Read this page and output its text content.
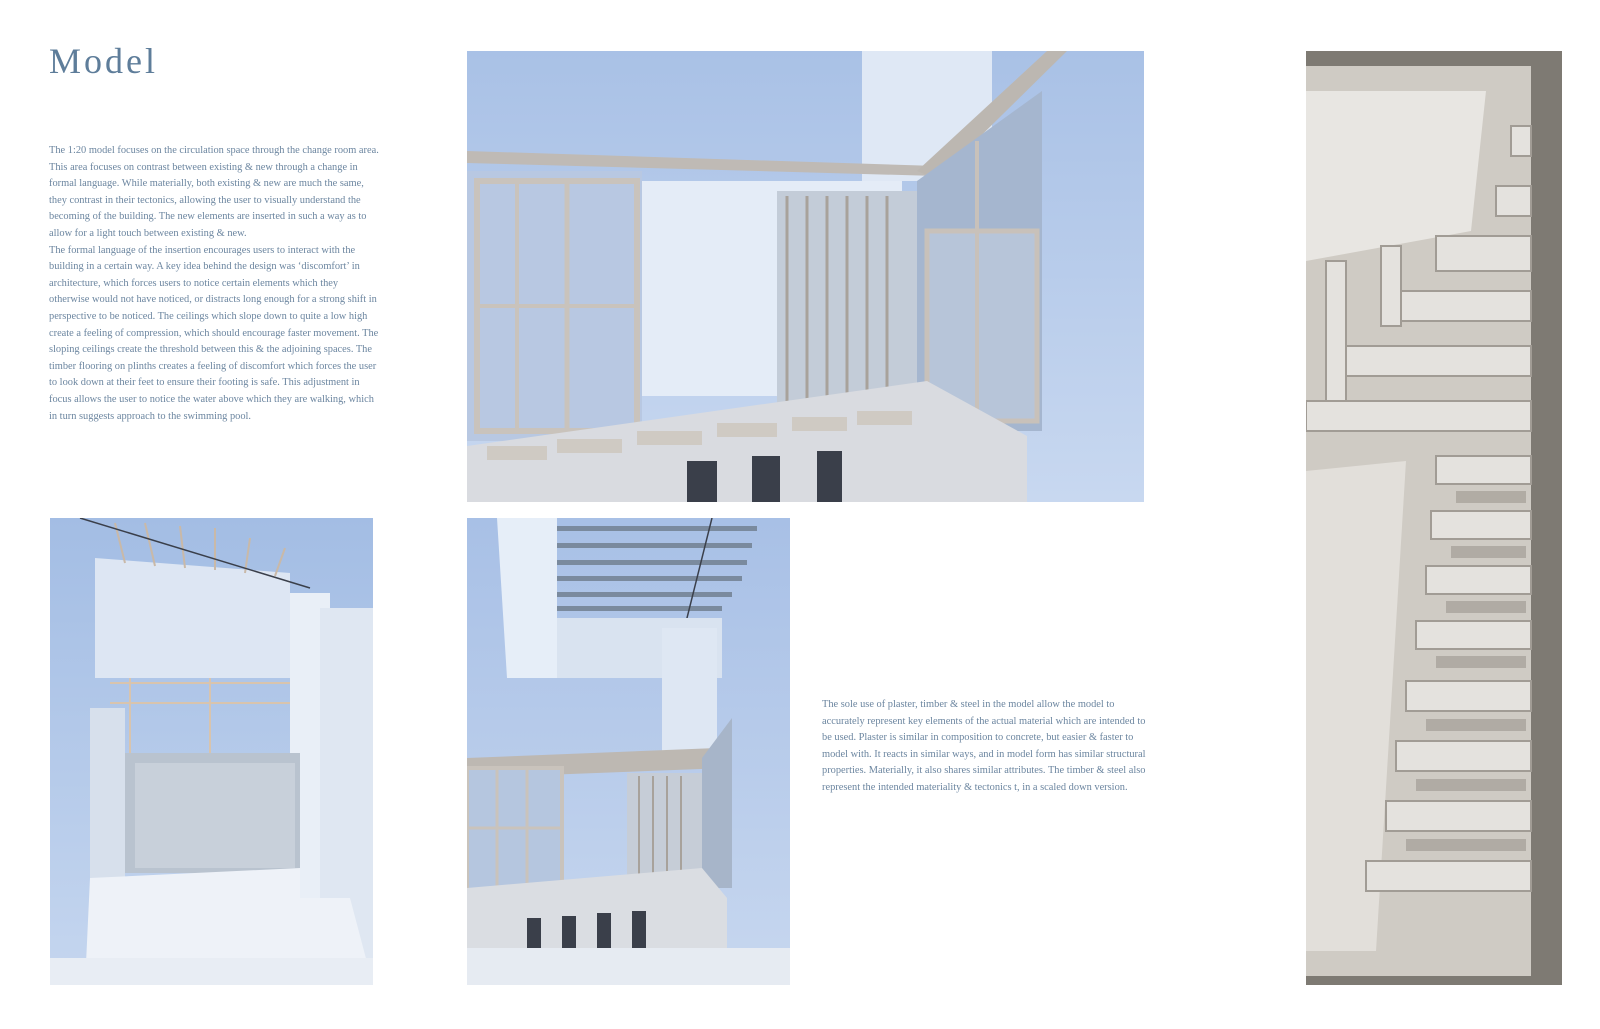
Model

The 1:20 model focuses on the circulation space through the change room area. This area focuses on contrast between existing & new through a change in formal language. While materially, both existing & new are much the same, they contrast in their tectonics, allowing the user to visually understand the becoming of the building. The new elements are inserted in such a way as to allow for a light touch between existing & new.

The formal language of the insertion encourages users to interact with the building in a certain way. A key idea behind the design was ‘discomfort’ in architecture, which forces users to notice certain elements which they otherwise would not have noticed, or distracts long enough for a strong shift in perspective to be noticed. The ceilings which slope down to quite a low high create a feeling of compression, which should encourage faster movement. The sloping ceilings create the threshold between this & the adjoining spaces. The timber flooring on plinths creates a feeling of discomfort which forces the user to look down at their feet to ensure their footing is safe. This adjustment in focus allows the user to notice the water above which they are walking, which in turn suggests approach to the swimming pool.

The sole use of plaster, timber & steel in the model allow the model to accurately represent key elements of the actual material which are intended to be used. Plaster is similar in composition to concrete, but easier & faster to model with. It reacts in similar ways, and in model form has similar structural properties. Materially, it also shares similar attributes. The timber & steel also represent the intended materiality & tectonics t, in a scaled down version.
